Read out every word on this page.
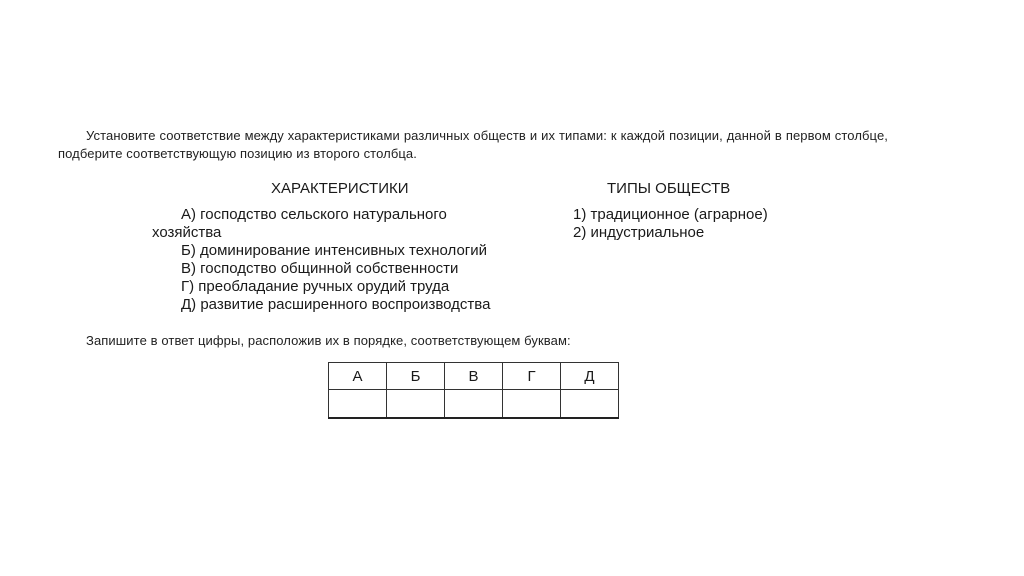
Установите соответствие между характеристиками различных обществ и их типами: к каждой позиции, данной в первом столбце, подберите соответствующую позицию из второго столбца.
ХАРАКТЕРИСТИКИ	ТИПЫ ОБЩЕСТВ
А) господство сельского натурального хозяйства
Б) доминирование интенсивных технологий
В) господство общинной собственности
Г) преобладание ручных орудий труда
Д) развитие расширенного воспроизводства
1) традиционное (аграрное)
2) индустриальное
Запишите в ответ цифры, расположив их в порядке, соответствующем буквам:
А	Б	В	Г	Д
